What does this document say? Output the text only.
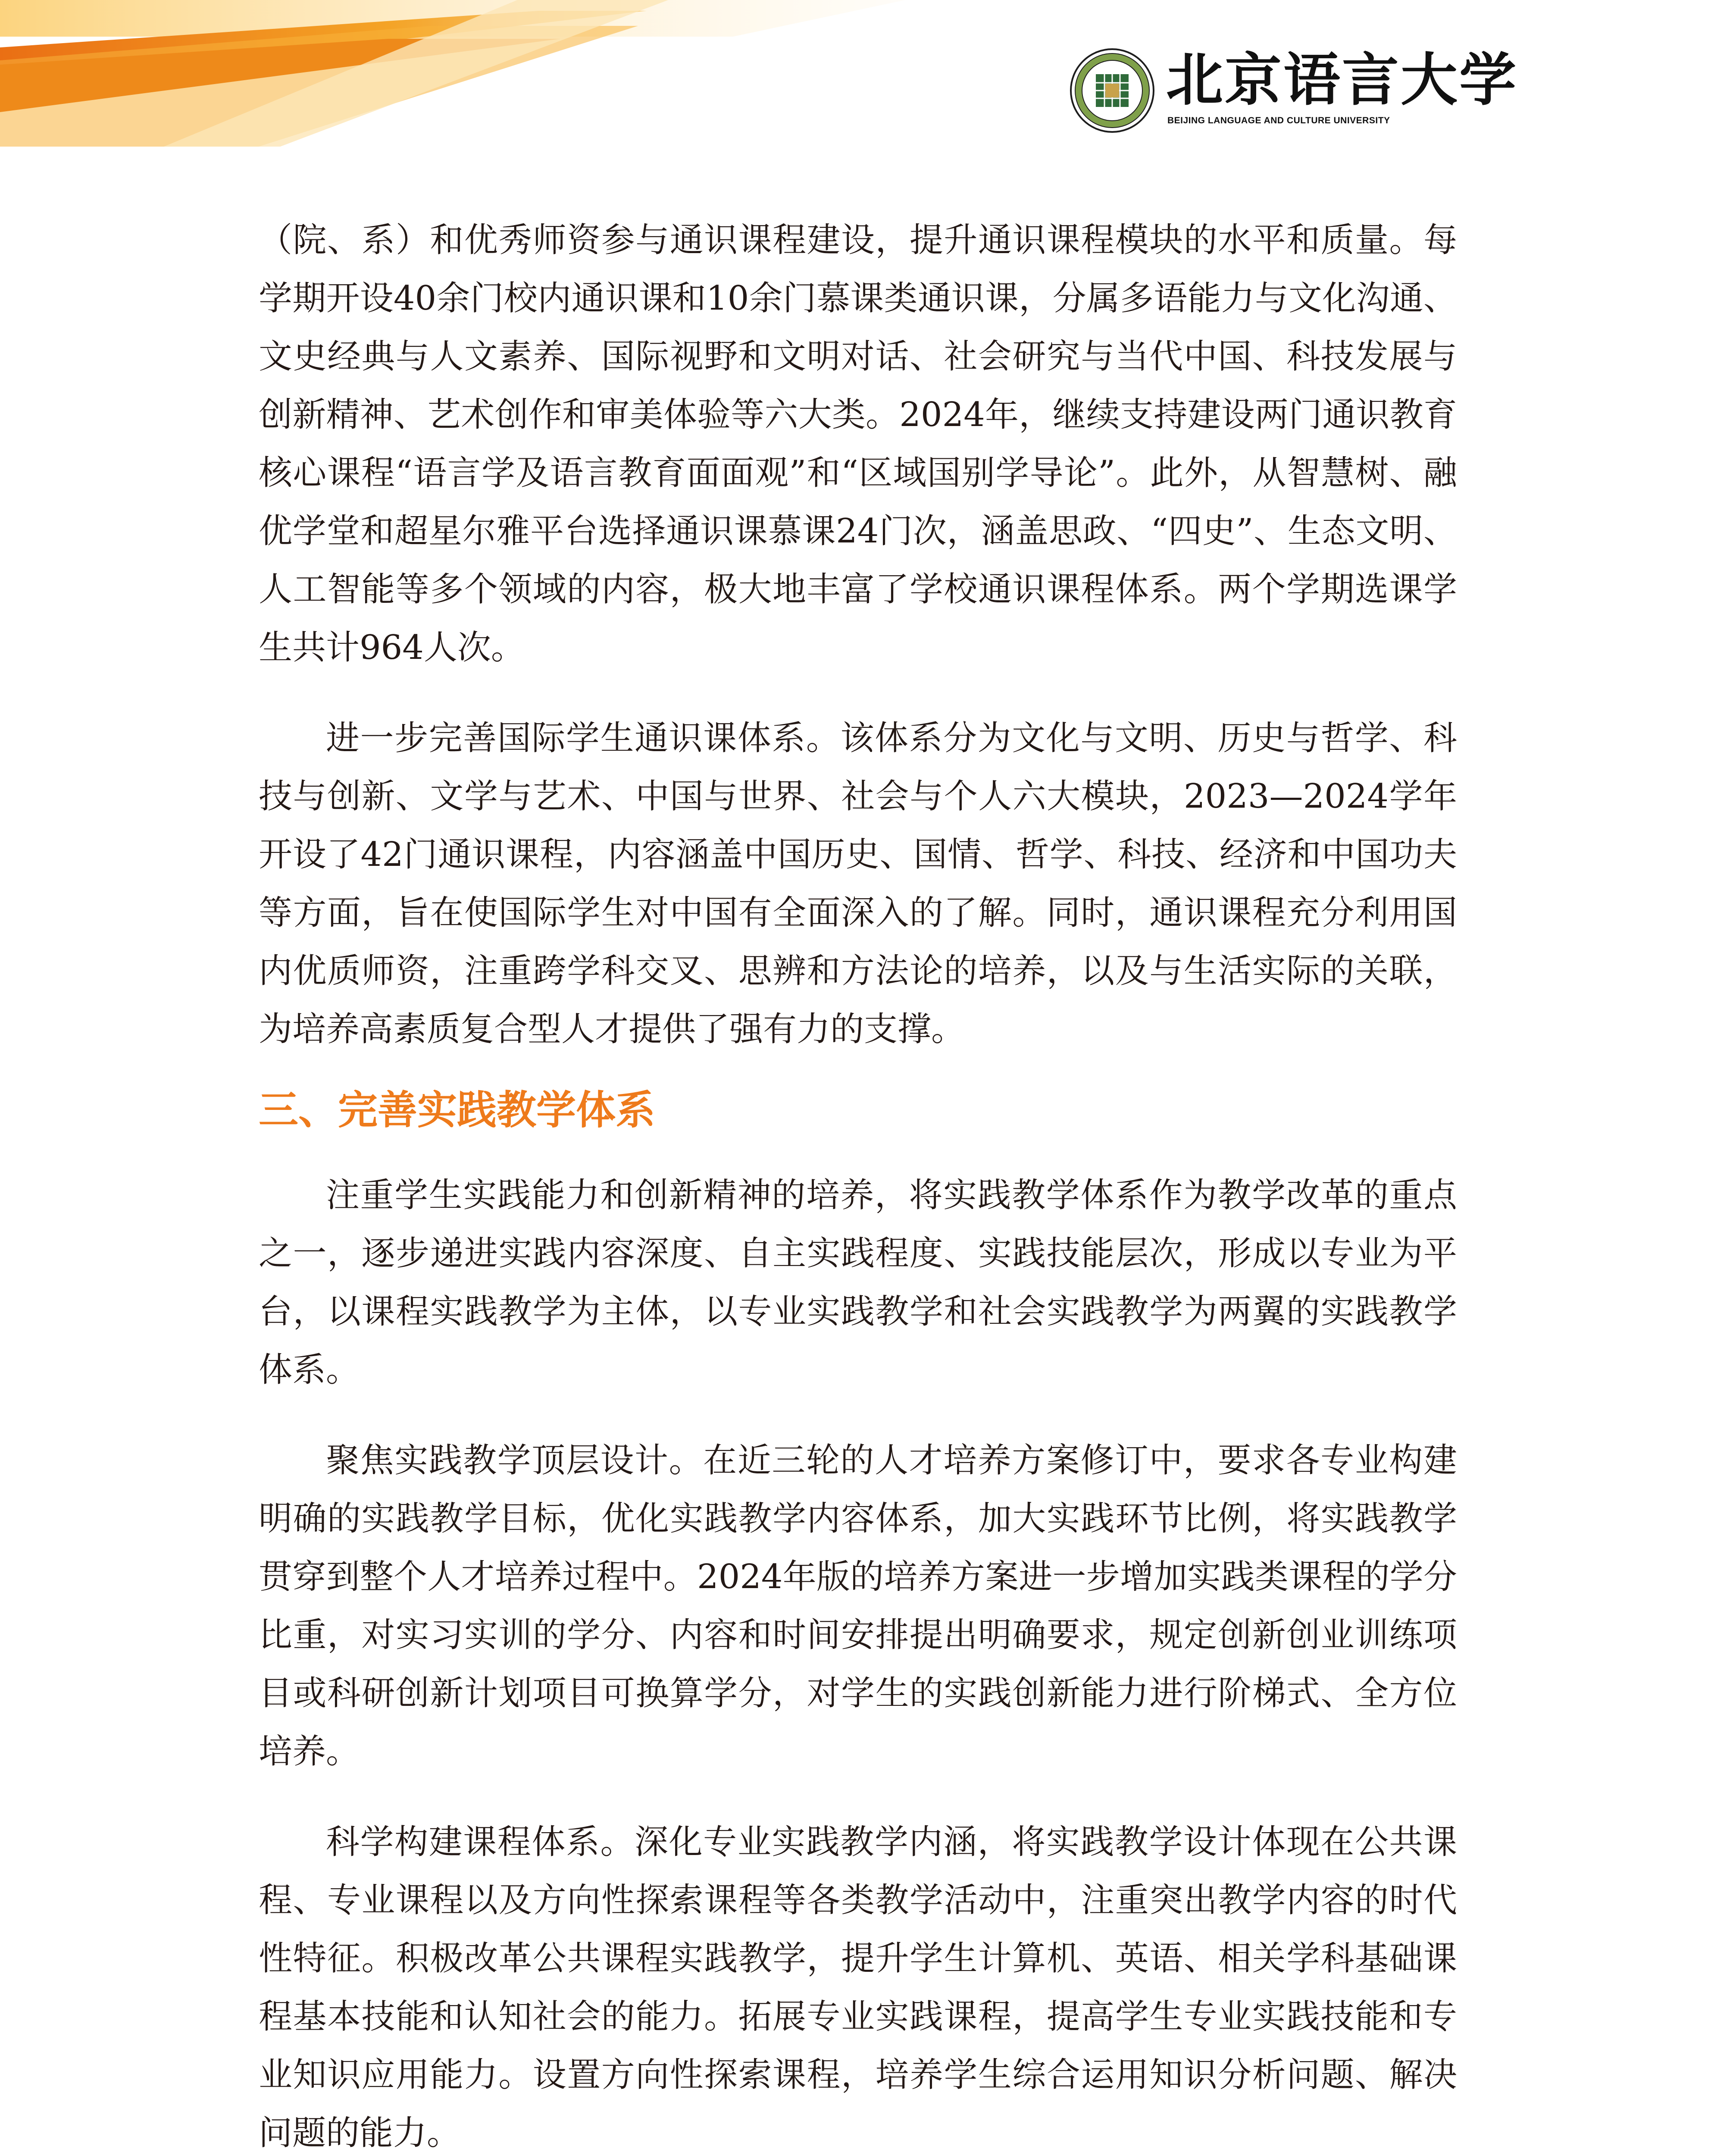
北京语言大学
BEIJING LANGUAGE AND CULTURE UNIVERSITY

（院、系）和优秀师资参与通识课程建设，提升通识课程模块的水平和质量。每学期开设40余门校内通识课和10余门慕课类通识课，分属多语能力与文化沟通、文史经典与人文素养、国际视野和文明对话、社会研究与当代中国、科技发展与创新精神、艺术创作和审美体验等六大类。2024年，继续支持建设两门通识教育核心课程“语言学及语言教育面面观”和“区域国别学导论”。此外，从智慧树、融优学堂和超星尔雅平台选择通识课慕课24门次，涵盖思政、“四史”、生态文明、人工智能等多个领域的内容，极大地丰富了学校通识课程体系。两个学期选课学生共计964人次。

进一步完善国际学生通识课体系。该体系分为文化与文明、历史与哲学、科技与创新、文学与艺术、中国与世界、社会与个人六大模块，2023—2024学年开设了42门通识课程，内容涵盖中国历史、国情、哲学、科技、经济和中国功夫等方面，旨在使国际学生对中国有全面深入的了解。同时，通识课程充分利用国内优质师资，注重跨学科交叉、思辨和方法论的培养，以及与生活实际的关联，为培养高素质复合型人才提供了强有力的支撑。

三、完善实践教学体系

注重学生实践能力和创新精神的培养，将实践教学体系作为教学改革的重点之一，逐步递进实践内容深度、自主实践程度、实践技能层次，形成以专业为平台，以课程实践教学为主体，以专业实践教学和社会实践教学为两翼的实践教学体系。

聚焦实践教学顶层设计。在近三轮的人才培养方案修订中，要求各专业构建明确的实践教学目标，优化实践教学内容体系，加大实践环节比例，将实践教学贯穿到整个人才培养过程中。2024年版的培养方案进一步增加实践类课程的学分比重，对实习实训的学分、内容和时间安排提出明确要求，规定创新创业训练项目或科研创新计划项目可换算学分，对学生的实践创新能力进行阶梯式、全方位培养。

科学构建课程体系。深化专业实践教学内涵，将实践教学设计体现在公共课程、专业课程以及方向性探索课程等各类教学活动中，注重突出教学内容的时代性特征。积极改革公共课程实践教学，提升学生计算机、英语、相关学科基础课程基本技能和认知社会的能力。拓展专业实践课程，提高学生专业实践技能和专业知识应用能力。设置方向性探索课程，培养学生综合运用知识分析问题、解决问题的能力。
